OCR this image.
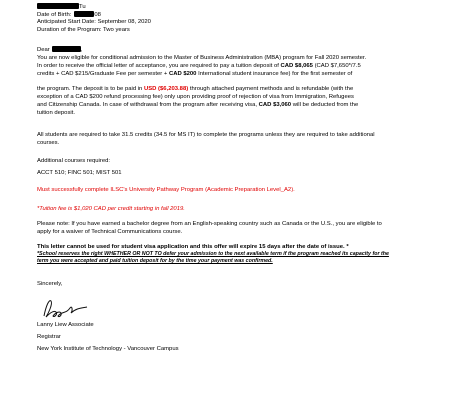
Tu
Date of Birth:	08
Anticipated Start Date: September 08, 2020
Duration of the Program: Two years
Dear	,
You are now eligible for conditional admission to the Master of Business Administration (MBA) program for Fall 2020 semester.
In order to receive the official letter of acceptance, you are required to pay a tuition deposit of CAD $8,065 (CAD $7,650*/7.5
credits + CAD $215/Graduate Fee per semester + CAD $200 International student insurance fee) for the first semester of
the program. The deposit is to be paid in USD ($6,203.88) through attached payment methods and is refundable (with the
exception of a CAD $200 refund processing fee) only upon providing proof of rejection of visa from Immigration, Refugees
and Citizenship Canada. In case of withdrawal from the program after receiving visa, CAD $3,060 will be deducted from the
tuition deposit.
All students are required to take 31.5 credits (34.5 for MS IT) to complete the programs unless they are required to take additional
courses.
Additional courses required:
ACCT 510; FINC 501; MIST 501
Must successfully complete ILSC's University Pathway Program (Academic Preparation Level_A2).
*Tuition fee is $1,020 CAD per credit starting in fall 2019.
Please note: If you have earned a bachelor degree from an English-speaking country such as Canada or the U.S., you are eligible to
apply for a waiver of Technical Communications course.
This letter cannot be used for student visa application and this offer will expire 15 days after the date of issue. *
*School reserves the right WHETHER OR NOT TO defer your admission to the next available term if the program reached its capacity for the
term you were accepted and paid tuition deposit for by the time your payment was confirmed.
Sincerely,
Lanny Liew Associate
Registrar
New York Institute of Technology - Vancouver Campus
